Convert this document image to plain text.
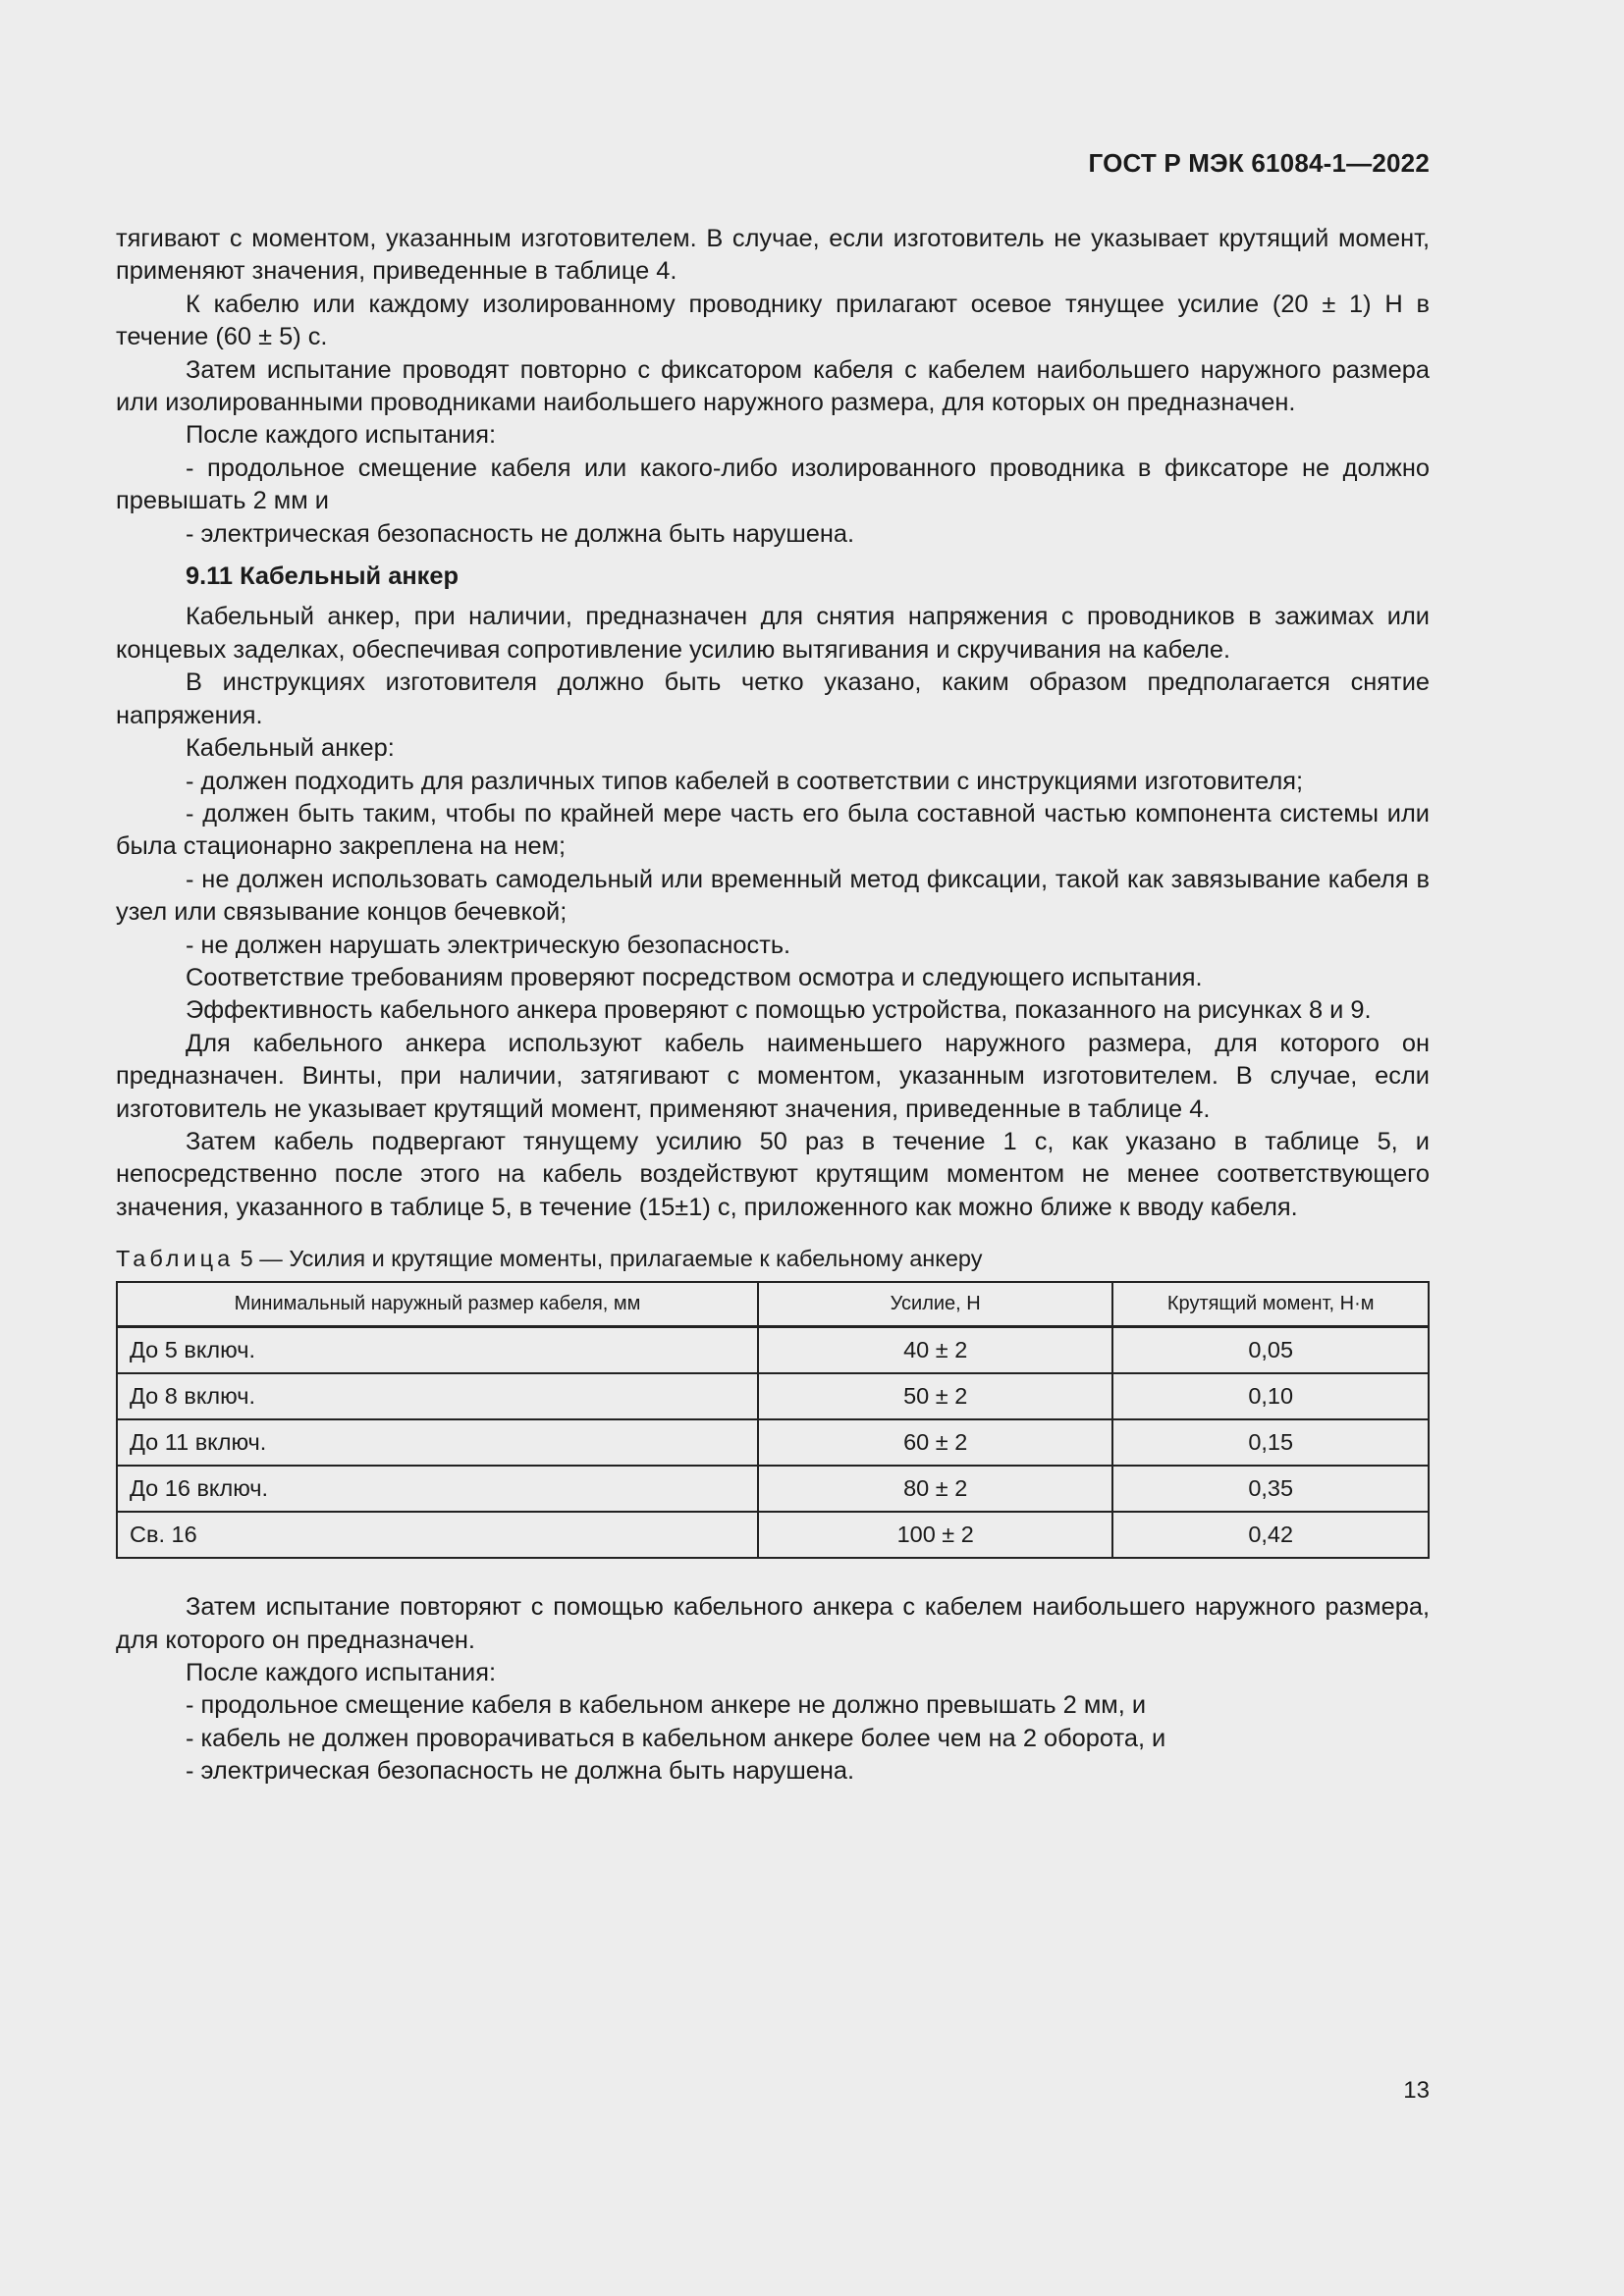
ГОСТ Р МЭК 61084-1—2022

тягивают с моментом, указанным изготовителем. В случае, если изготовитель не указывает крутящий момент, применяют значения, приведенные в таблице 4.

К кабелю или каждому изолированному проводнику прилагают осевое тянущее усилие (20 ± 1) Н в течение (60 ± 5) с.

Затем испытание проводят повторно с фиксатором кабеля с кабелем наибольшего наружного размера или изолированными проводниками наибольшего наружного размера, для которых он предназначен.

После каждого испытания:

- продольное смещение кабеля или какого-либо изолированного проводника в фиксаторе не должно превышать 2 мм и

- электрическая безопасность не должна быть нарушена.

9.11 Кабельный анкер

Кабельный анкер, при наличии, предназначен для снятия напряжения с проводников в зажимах или концевых заделках, обеспечивая сопротивление усилию вытягивания и скручивания на кабеле.

В инструкциях изготовителя должно быть четко указано, каким образом предполагается снятие напряжения.

Кабельный анкер:

- должен подходить для различных типов кабелей в соответствии с инструкциями изготовителя;

- должен быть таким, чтобы по крайней мере часть его была составной частью компонента системы или была стационарно закреплена на нем;

- не должен использовать самодельный или временный метод фиксации, такой как завязывание кабеля в узел или связывание концов бечевкой;

- не должен нарушать электрическую безопасность.

Соответствие требованиям проверяют посредством осмотра и следующего испытания.

Эффективность кабельного анкера проверяют с помощью устройства, показанного на рисунках 8 и 9.

Для кабельного анкера используют кабель наименьшего наружного размера, для которого он предназначен. Винты, при наличии, затягивают с моментом, указанным изготовителем. В случае, если изготовитель не указывает крутящий момент, применяют значения, приведенные в таблице 4.

Затем кабель подвергают тянущему усилию 50 раз в течение 1 с, как указано в таблице 5, и непосредственно после этого на кабель воздействуют крутящим моментом не менее соответствующего значения, указанного в таблице 5, в течение (15±1) с, приложенного как можно ближе к вводу кабеля.

Таблица 5 — Усилия и крутящие моменты, прилагаемые к кабельному анкеру
Минимальный наружный размер кабеля, мм	Усилие, Н	Крутящий момент, Н·м
До 5 включ.	40 ± 2	0,05
До 8 включ.	50 ± 2	0,10
До 11 включ.	60 ± 2	0,15
До 16 включ.	80 ± 2	0,35
Св. 16	100 ± 2	0,42

Затем испытание повторяют с помощью кабельного анкера с кабелем наибольшего наружного размера, для которого он предназначен.

После каждого испытания:

- продольное смещение кабеля в кабельном анкере не должно превышать 2 мм, и

- кабель не должен проворачиваться в кабельном анкере более чем на 2 оборота, и

- электрическая безопасность не должна быть нарушена.

13
